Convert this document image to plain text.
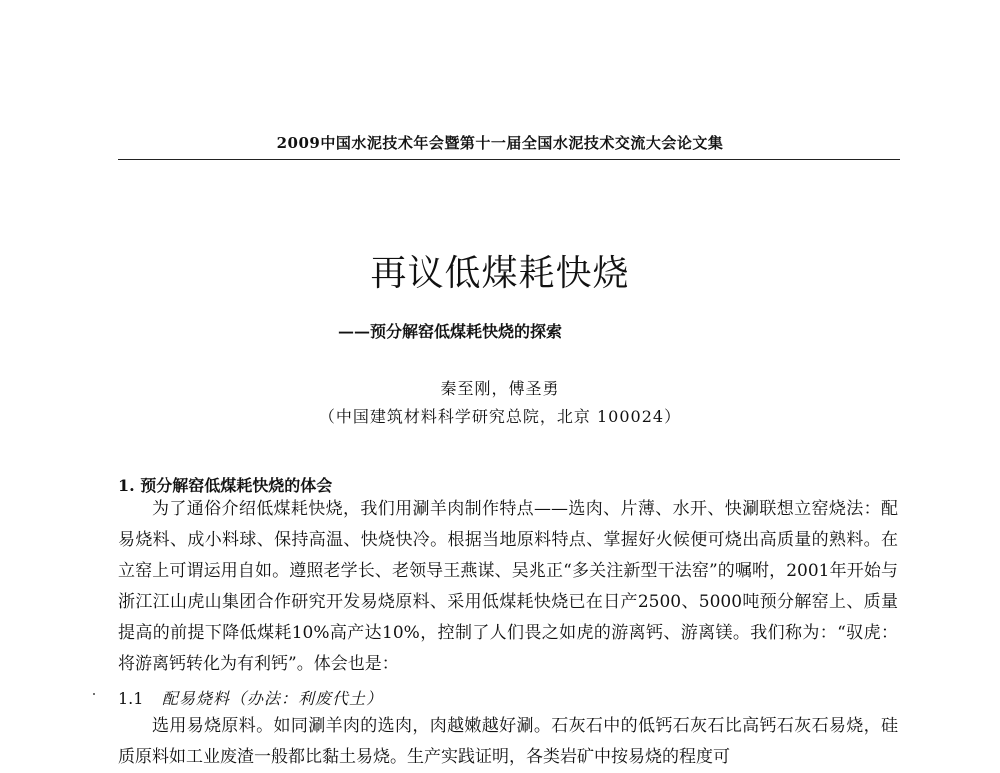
2009中国水泥技术年会暨第十一届全国水泥技术交流大会论文集
再议低煤耗快烧
——预分解窑低煤耗快烧的探索
秦至刚，傅圣勇
（中国建筑材料科学研究总院，北京 100024）
1. 预分解窑低煤耗快烧的体会

为了通俗介绍低煤耗快烧，我们用涮羊肉制作特点——选肉、片薄、水开、快涮联想立窑烧法：配易烧料、成小料球、保持高温、快烧快冷。根据当地原料特点、掌握好火候便可烧出高质量的熟料。在立窑上可谓运用自如。遵照老学长、老领导王燕谋、吴兆正“多关注新型干法窑”的嘱咐，2001年开始与浙江江山虎山集团合作研究开发易烧原料、采用低煤耗快烧已在日产2500、5000吨预分解窑上、质量提高的前提下降低煤耗10%高产达10%，控制了人们畏之如虎的游离钙、游离镁。我们称为：“驭虎：将游离钙转化为有利钙”。体会也是：

1.1 配易烧料（办法：利废代土）

选用易烧原料。如同涮羊肉的选肉，肉越嫩越好涮。石灰石中的低钙石灰石比高钙石灰石易烧，硅质原料如工业废渣一般都比黏土易烧。生产实践证明，各类岩矿中按易烧的程度可
